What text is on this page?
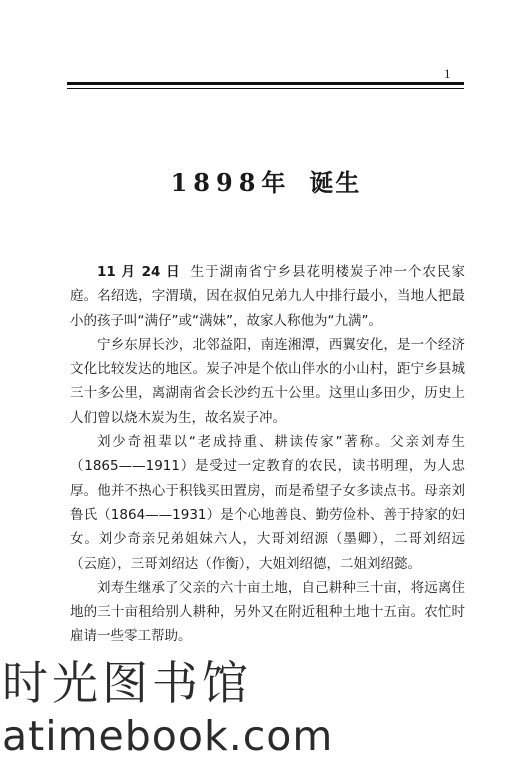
1
1898年 诞生

11 月 24 日 生于湖南省宁乡县花明楼炭子冲一个农民家庭。名绍选，字渭璜，因在叔伯兄弟九人中排行最小，当地人把最小的孩子叫“满仔”或“满妹”，故家人称他为“九满”。

宁乡东屏长沙，北邻益阳，南连湘潭，西翼安化，是一个经济文化比较发达的地区。炭子冲是个依山伴水的小山村，距宁乡县城三十多公里，离湖南省会长沙约五十公里。这里山多田少，历史上人们曾以烧木炭为生，故名炭子冲。

刘少奇祖辈以“老成持重、耕读传家”著称。父亲刘寿生（1865——1911）是受过一定教育的农民，读书明理，为人忠厚。他并不热心于积钱买田置房，而是希望子女多读点书。母亲刘鲁氏（1864——1931）是个心地善良、勤劳俭朴、善于持家的妇女。刘少奇亲兄弟姐妹六人，大哥刘绍源（墨卿），二哥刘绍远（云庭），三哥刘绍达（作衡），大姐刘绍德，二姐刘绍懿。

刘寿生继承了父亲的六十亩土地，自己耕种三十亩，将远离住地的三十亩租给别人耕种，另外又在附近租种土地十五亩。农忙时雇请一些零工帮助。

时光图书馆
atimebook.com
